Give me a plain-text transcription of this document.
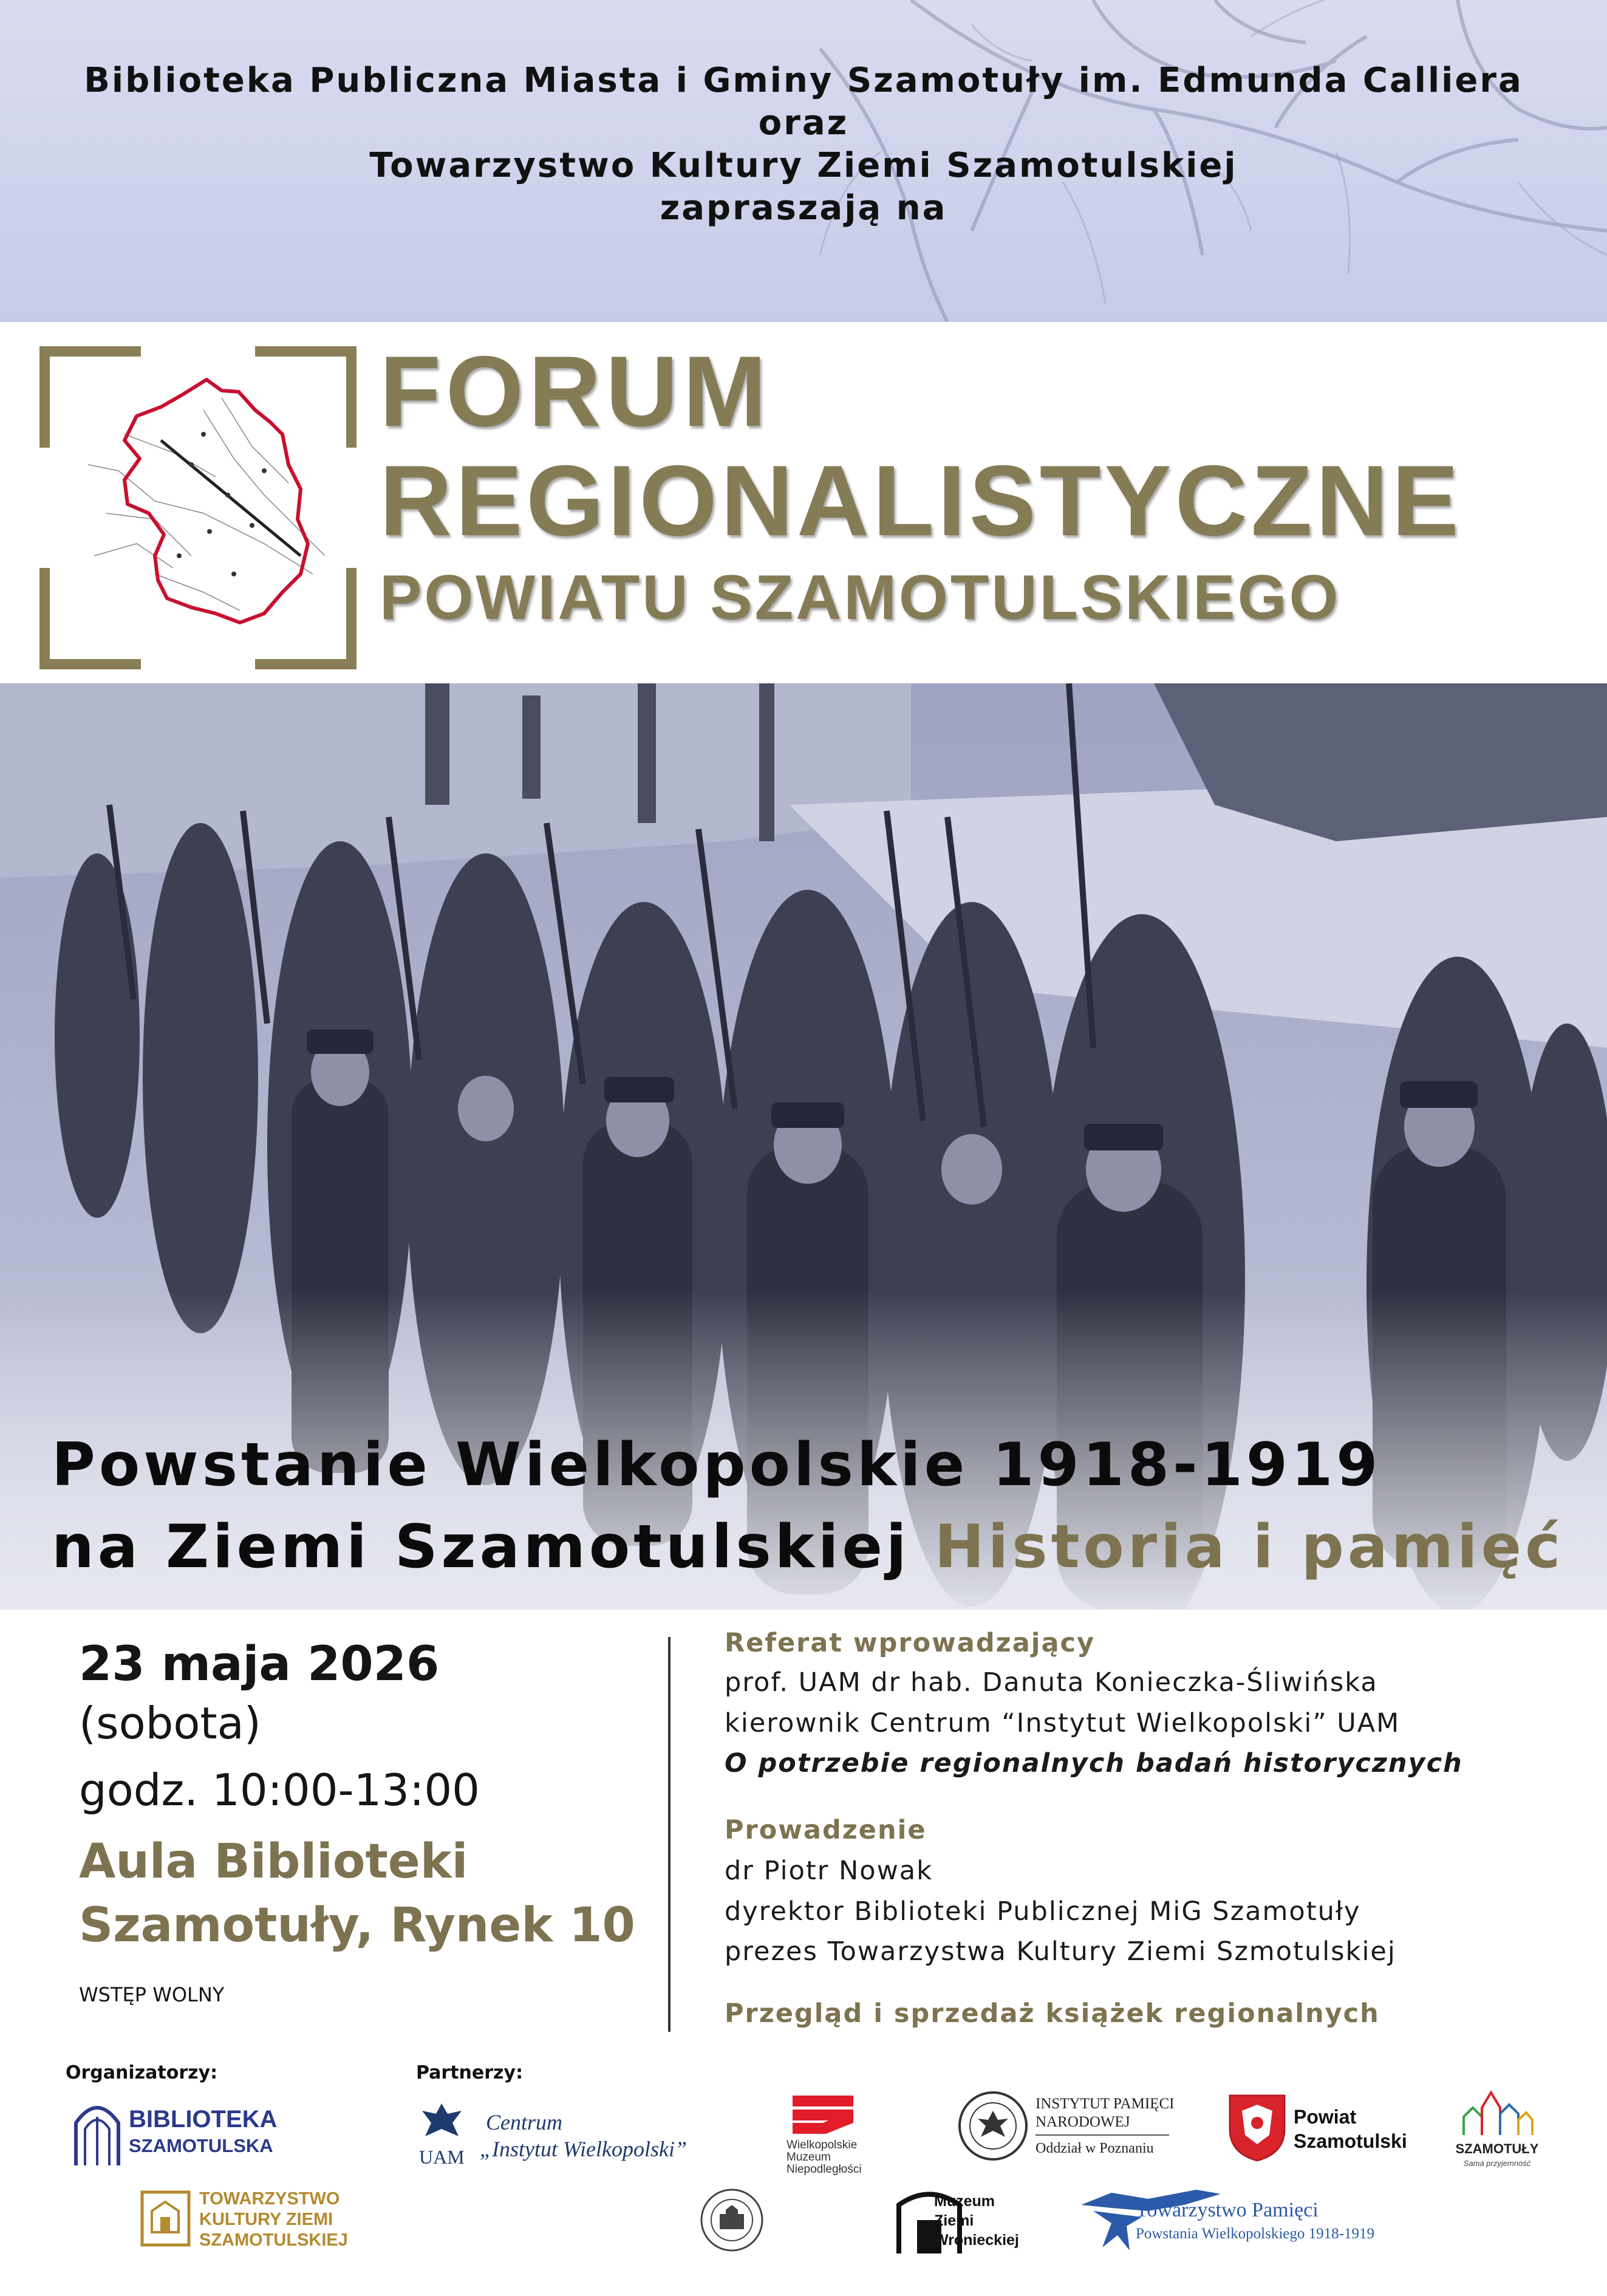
Biblioteka Publiczna Miasta i Gminy Szamotuły im. Edmunda Calliera
oraz
Towarzystwo Kultury Ziemi Szamotulskiej
zapraszają na
FORUM
REGIONALISTYCZNE
POWIATU SZAMOTULSKIEGO
Powstanie Wielkopolskie 1918-1919
na Ziemi Szamotulskiej Historia i pamięć
23 maja 2026
(sobota)
godz. 10:00-13:00
Aula Biblioteki
Szamotuły, Rynek 10
WSTĘP WOLNY
Referat wprowadzający
prof. UAM dr hab. Danuta Konieczka-Śliwińska
kierownik Centrum “Instytut Wielkopolski” UAM
O potrzebie regionalnych badań historycznych
Prowadzenie
dr Piotr Nowak
dyrektor Biblioteki Publicznej MiG Szamotuły
prezes Towarzystwa Kultury Ziemi Szmotulskiej
Przegląd i sprzedaż książek regionalnych
Organizatorzy:	Partnerzy:
BIBLIOTEKA
SZAMOTULSKA
TOWARZYSTWO
KULTURY ZIEMI
SZAMOTULSKIEJ
UAM
Centrum
„Instytut Wielkopolski”	Wielkopolskie
Muzeum
Niepodległości
INSTYTUT PAMIĘCI
NARODOWEJ
Oddział w Poznaniu
Powiat
Szamotulski	SZAMOTUŁY
Sama przyjemność
Muzeum
Ziemi
Wronieckiej
Towarzystwo Pamięci
Powstania Wielkopolskiego 1918-1919
